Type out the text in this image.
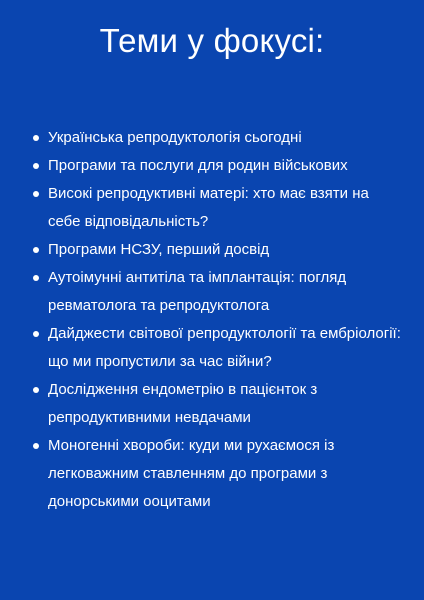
Теми у фокусі:
Українська репродуктологія сьогодні
Програми та послуги для родин військових
Високі репродуктивні матері: хто має взяти на себе відповідальність?
Програми НСЗУ, перший досвід
Аутоімунні антитіла та імплантація: погляд ревматолога та репродуктолога
Дайджести світової репродуктології та ембріології: що ми пропустили за час війни?
Дослідження ендометрію в пацієнток з репродуктивними невдачами
Моногенні хвороби: куди ми рухаємося із легковажним ставленням до програми з донорськими ооцитами
